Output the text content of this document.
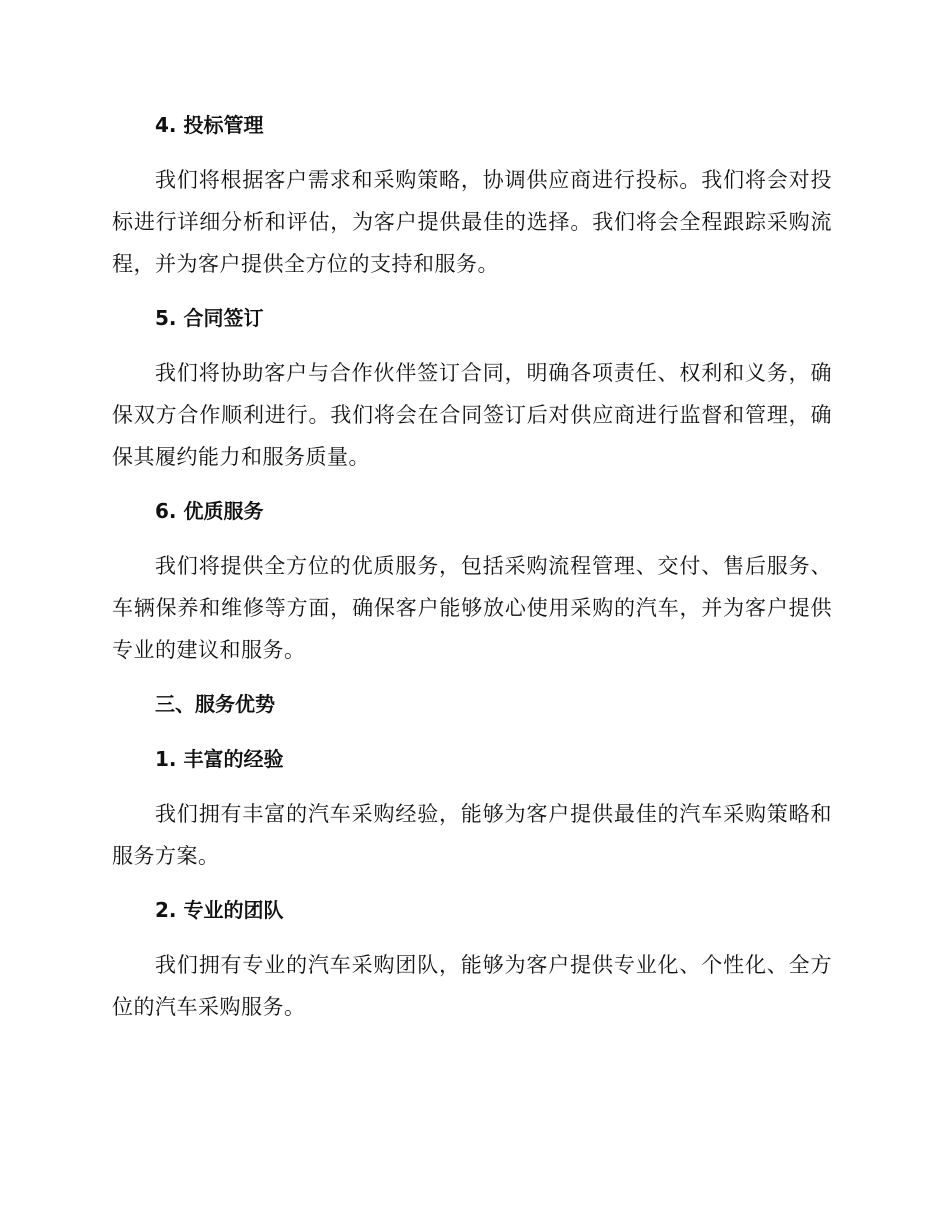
4. 投标管理

我们将根据客户需求和采购策略，协调供应商进行投标。我们将会对投标进行详细分析和评估，为客户提供最佳的选择。我们将会全程跟踪采购流程，并为客户提供全方位的支持和服务。

5. 合同签订

我们将协助客户与合作伙伴签订合同，明确各项责任、权利和义务，确保双方合作顺利进行。我们将会在合同签订后对供应商进行监督和管理，确保其履约能力和服务质量。

6. 优质服务

我们将提供全方位的优质服务，包括采购流程管理、交付、售后服务、车辆保养和维修等方面，确保客户能够放心使用采购的汽车，并为客户提供专业的建议和服务。

三、服务优势
1. 丰富的经验

我们拥有丰富的汽车采购经验，能够为客户提供最佳的汽车采购策略和服务方案。

2. 专业的团队

我们拥有专业的汽车采购团队，能够为客户提供专业化、个性化、全方位的汽车采购服务。
